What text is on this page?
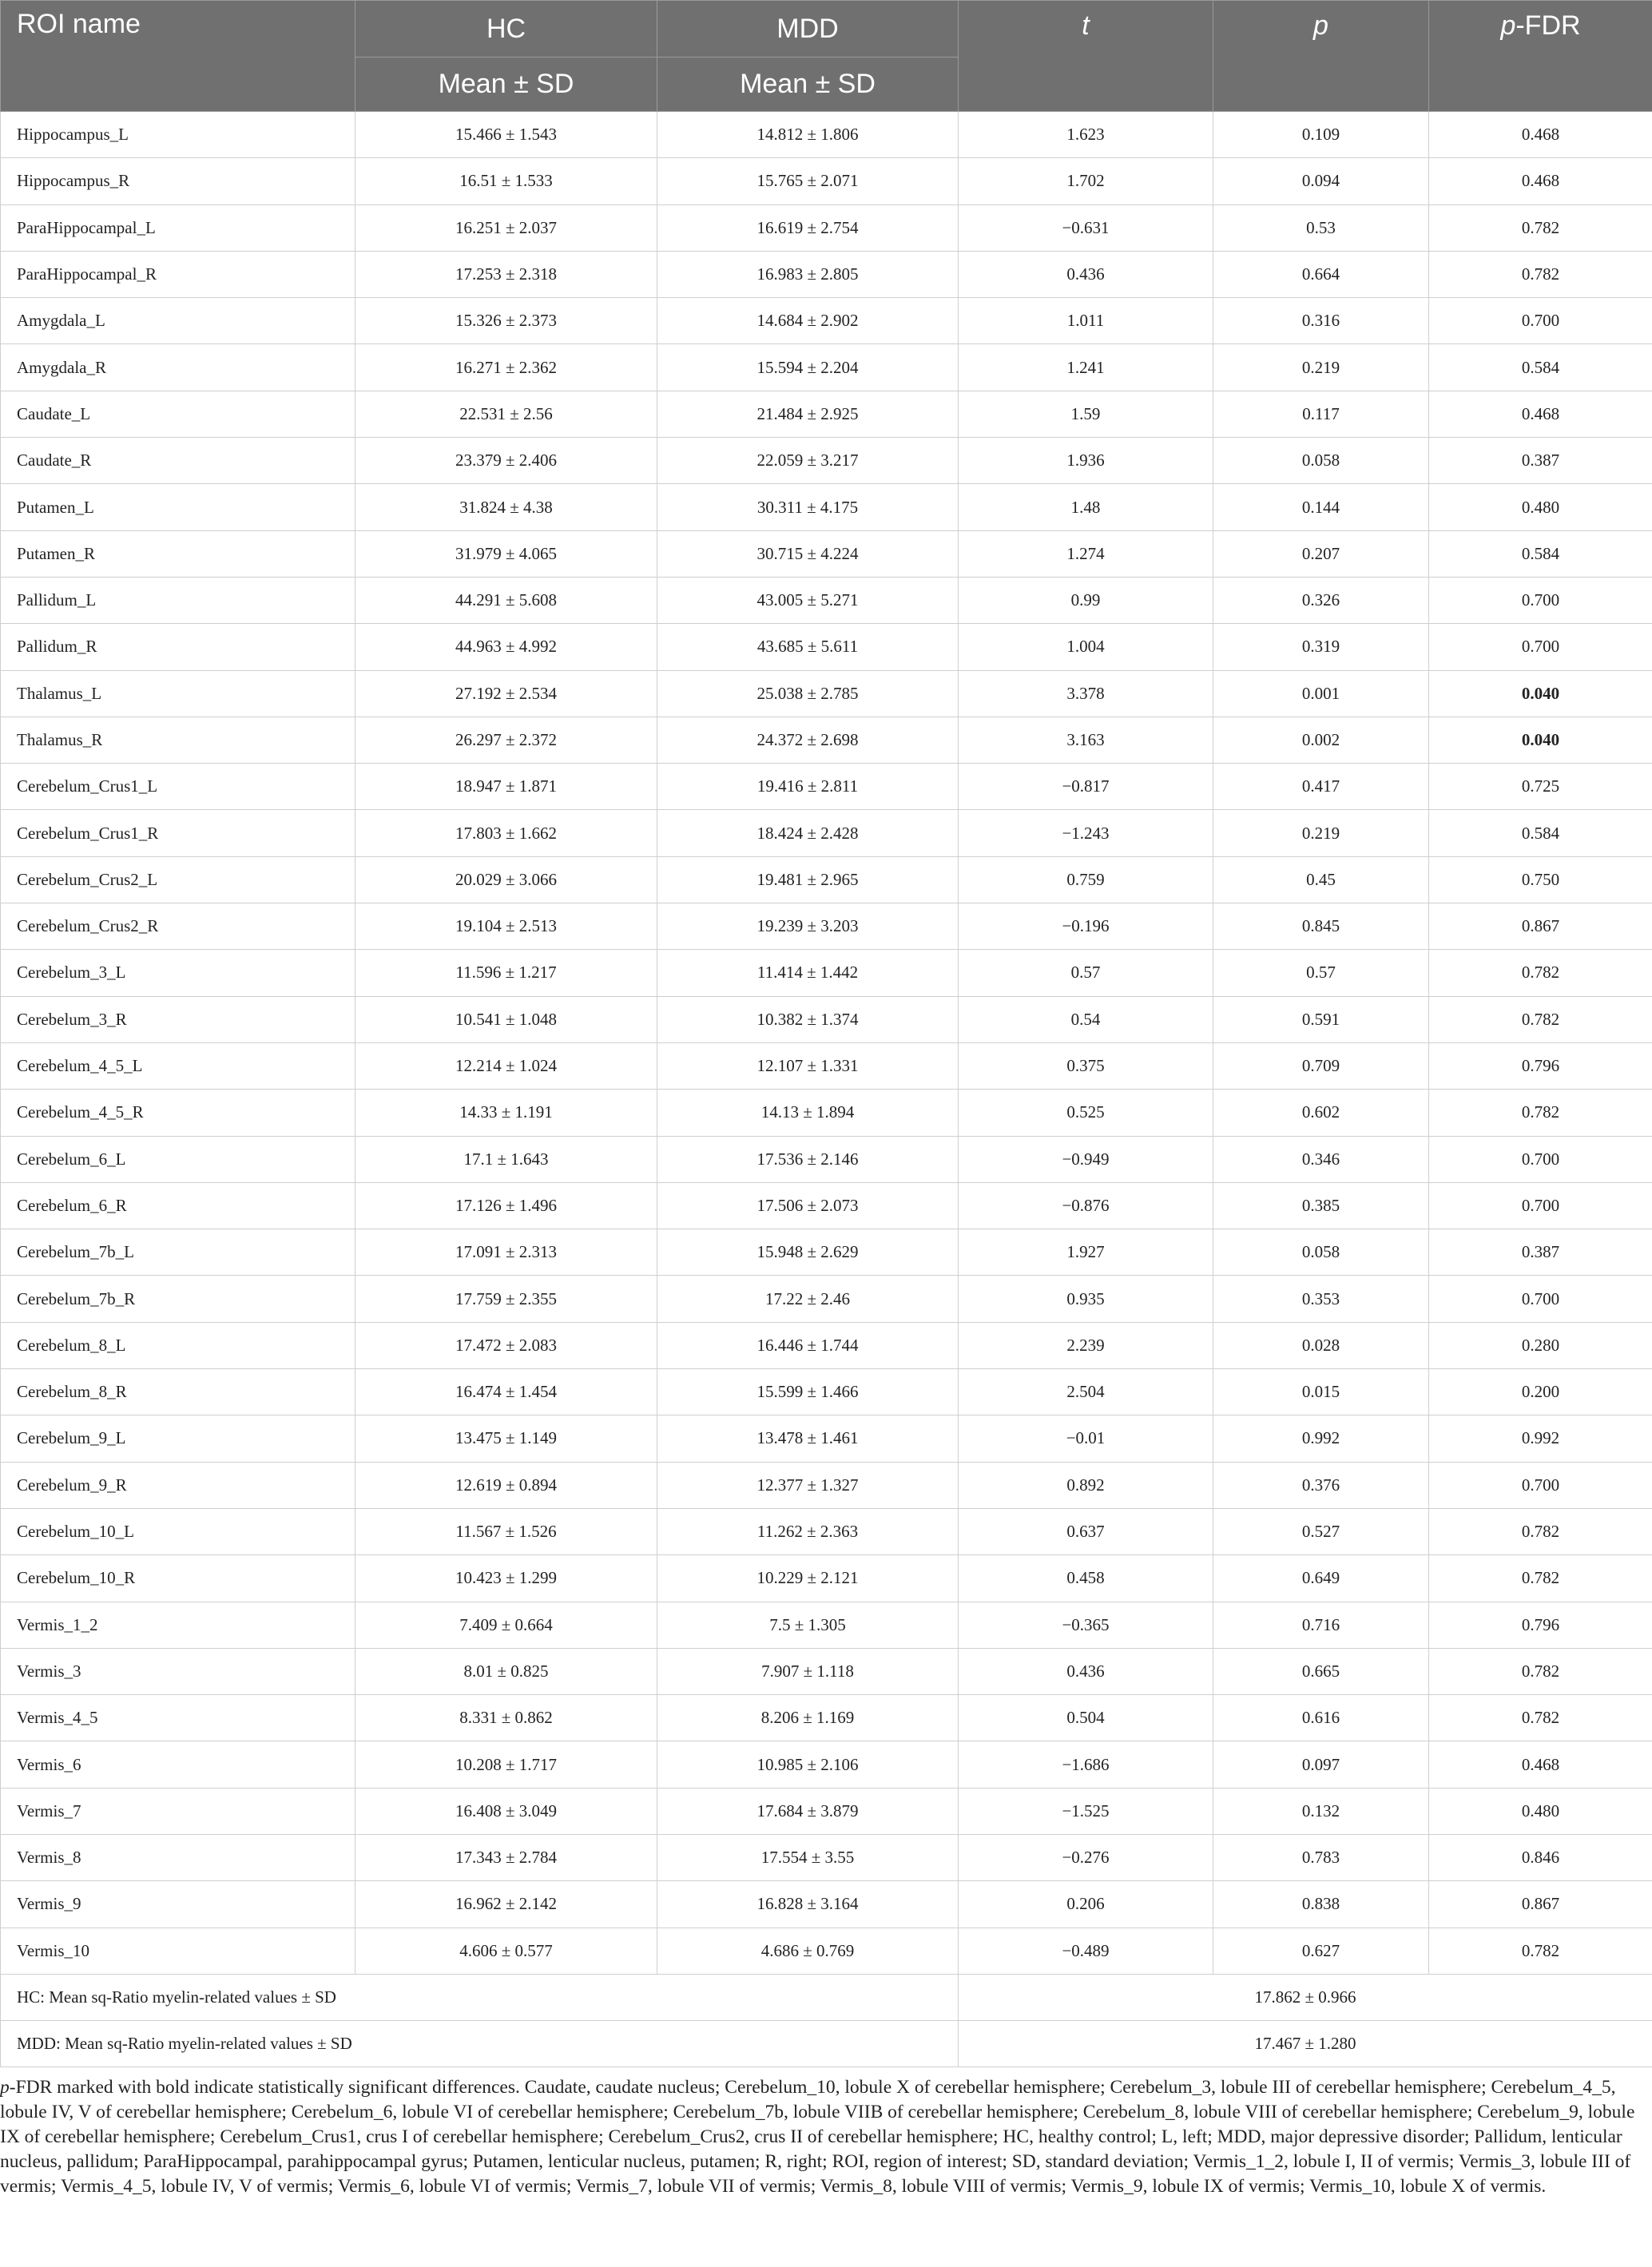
ROI name	HC	MDD	t	p	p-FDR
	Mean ± SD	Mean ± SD			
Hippocampus_L	15.466 ± 1.543	14.812 ± 1.806	1.623	0.109	0.468
Hippocampus_R	16.51 ± 1.533	15.765 ± 2.071	1.702	0.094	0.468
ParaHippocampal_L	16.251 ± 2.037	16.619 ± 2.754	−0.631	0.53	0.782
ParaHippocampal_R	17.253 ± 2.318	16.983 ± 2.805	0.436	0.664	0.782
Amygdala_L	15.326 ± 2.373	14.684 ± 2.902	1.011	0.316	0.700
Amygdala_R	16.271 ± 2.362	15.594 ± 2.204	1.241	0.219	0.584
Caudate_L	22.531 ± 2.56	21.484 ± 2.925	1.59	0.117	0.468
Caudate_R	23.379 ± 2.406	22.059 ± 3.217	1.936	0.058	0.387
Putamen_L	31.824 ± 4.38	30.311 ± 4.175	1.48	0.144	0.480
Putamen_R	31.979 ± 4.065	30.715 ± 4.224	1.274	0.207	0.584
Pallidum_L	44.291 ± 5.608	43.005 ± 5.271	0.99	0.326	0.700
Pallidum_R	44.963 ± 4.992	43.685 ± 5.611	1.004	0.319	0.700
Thalamus_L	27.192 ± 2.534	25.038 ± 2.785	3.378	0.001	0.040
Thalamus_R	26.297 ± 2.372	24.372 ± 2.698	3.163	0.002	0.040
Cerebelum_Crus1_L	18.947 ± 1.871	19.416 ± 2.811	−0.817	0.417	0.725
Cerebelum_Crus1_R	17.803 ± 1.662	18.424 ± 2.428	−1.243	0.219	0.584
Cerebelum_Crus2_L	20.029 ± 3.066	19.481 ± 2.965	0.759	0.45	0.750
Cerebelum_Crus2_R	19.104 ± 2.513	19.239 ± 3.203	−0.196	0.845	0.867
Cerebelum_3_L	11.596 ± 1.217	11.414 ± 1.442	0.57	0.57	0.782
Cerebelum_3_R	10.541 ± 1.048	10.382 ± 1.374	0.54	0.591	0.782
Cerebelum_4_5_L	12.214 ± 1.024	12.107 ± 1.331	0.375	0.709	0.796
Cerebelum_4_5_R	14.33 ± 1.191	14.13 ± 1.894	0.525	0.602	0.782
Cerebelum_6_L	17.1 ± 1.643	17.536 ± 2.146	−0.949	0.346	0.700
Cerebelum_6_R	17.126 ± 1.496	17.506 ± 2.073	−0.876	0.385	0.700
Cerebelum_7b_L	17.091 ± 2.313	15.948 ± 2.629	1.927	0.058	0.387
Cerebelum_7b_R	17.759 ± 2.355	17.22 ± 2.46	0.935	0.353	0.700
Cerebelum_8_L	17.472 ± 2.083	16.446 ± 1.744	2.239	0.028	0.280
Cerebelum_8_R	16.474 ± 1.454	15.599 ± 1.466	2.504	0.015	0.200
Cerebelum_9_L	13.475 ± 1.149	13.478 ± 1.461	−0.01	0.992	0.992
Cerebelum_9_R	12.619 ± 0.894	12.377 ± 1.327	0.892	0.376	0.700
Cerebelum_10_L	11.567 ± 1.526	11.262 ± 2.363	0.637	0.527	0.782
Cerebelum_10_R	10.423 ± 1.299	10.229 ± 2.121	0.458	0.649	0.782
Vermis_1_2	7.409 ± 0.664	7.5 ± 1.305	−0.365	0.716	0.796
Vermis_3	8.01 ± 0.825	7.907 ± 1.118	0.436	0.665	0.782
Vermis_4_5	8.331 ± 0.862	8.206 ± 1.169	0.504	0.616	0.782
Vermis_6	10.208 ± 1.717	10.985 ± 2.106	−1.686	0.097	0.468
Vermis_7	16.408 ± 3.049	17.684 ± 3.879	−1.525	0.132	0.480
Vermis_8	17.343 ± 2.784	17.554 ± 3.55	−0.276	0.783	0.846
Vermis_9	16.962 ± 2.142	16.828 ± 3.164	0.206	0.838	0.867
Vermis_10	4.606 ± 0.577	4.686 ± 0.769	−0.489	0.627	0.782
HC: Mean sq-Ratio myelin-related values ± SD			17.862 ± 0.966		
MDD: Mean sq-Ratio myelin-related values ± SD			17.467 ± 1.280		

p-FDR marked with bold indicate statistically significant differences. Caudate, caudate nucleus; Cerebelum_10, lobule X of cerebellar hemisphere; Cerebelum_3, lobule III of cerebellar hemisphere; Cerebelum_4_5, lobule IV, V of cerebellar hemisphere; Cerebelum_6, lobule VI of cerebellar hemisphere; Cerebelum_7b, lobule VIIB of cerebellar hemisphere; Cerebelum_8, lobule VIII of cerebellar hemisphere; Cerebelum_9, lobule IX of cerebellar hemisphere; Cerebelum_Crus1, crus I of cerebellar hemisphere; Cerebelum_Crus2, crus II of cerebellar hemisphere; HC, healthy control; L, left; MDD, major depressive disorder; Pallidum, lenticular nucleus, pallidum; ParaHippocampal, parahippocampal gyrus; Putamen, lenticular nucleus, putamen; R, right; ROI, region of interest; SD, standard deviation; Vermis_1_2, lobule I, II of vermis; Vermis_3, lobule III of vermis; Vermis_4_5, lobule IV, V of vermis; Vermis_6, lobule VI of vermis; Vermis_7, lobule VII of vermis; Vermis_8, lobule VIII of vermis; Vermis_9, lobule IX of vermis; Vermis_10, lobule X of vermis.
